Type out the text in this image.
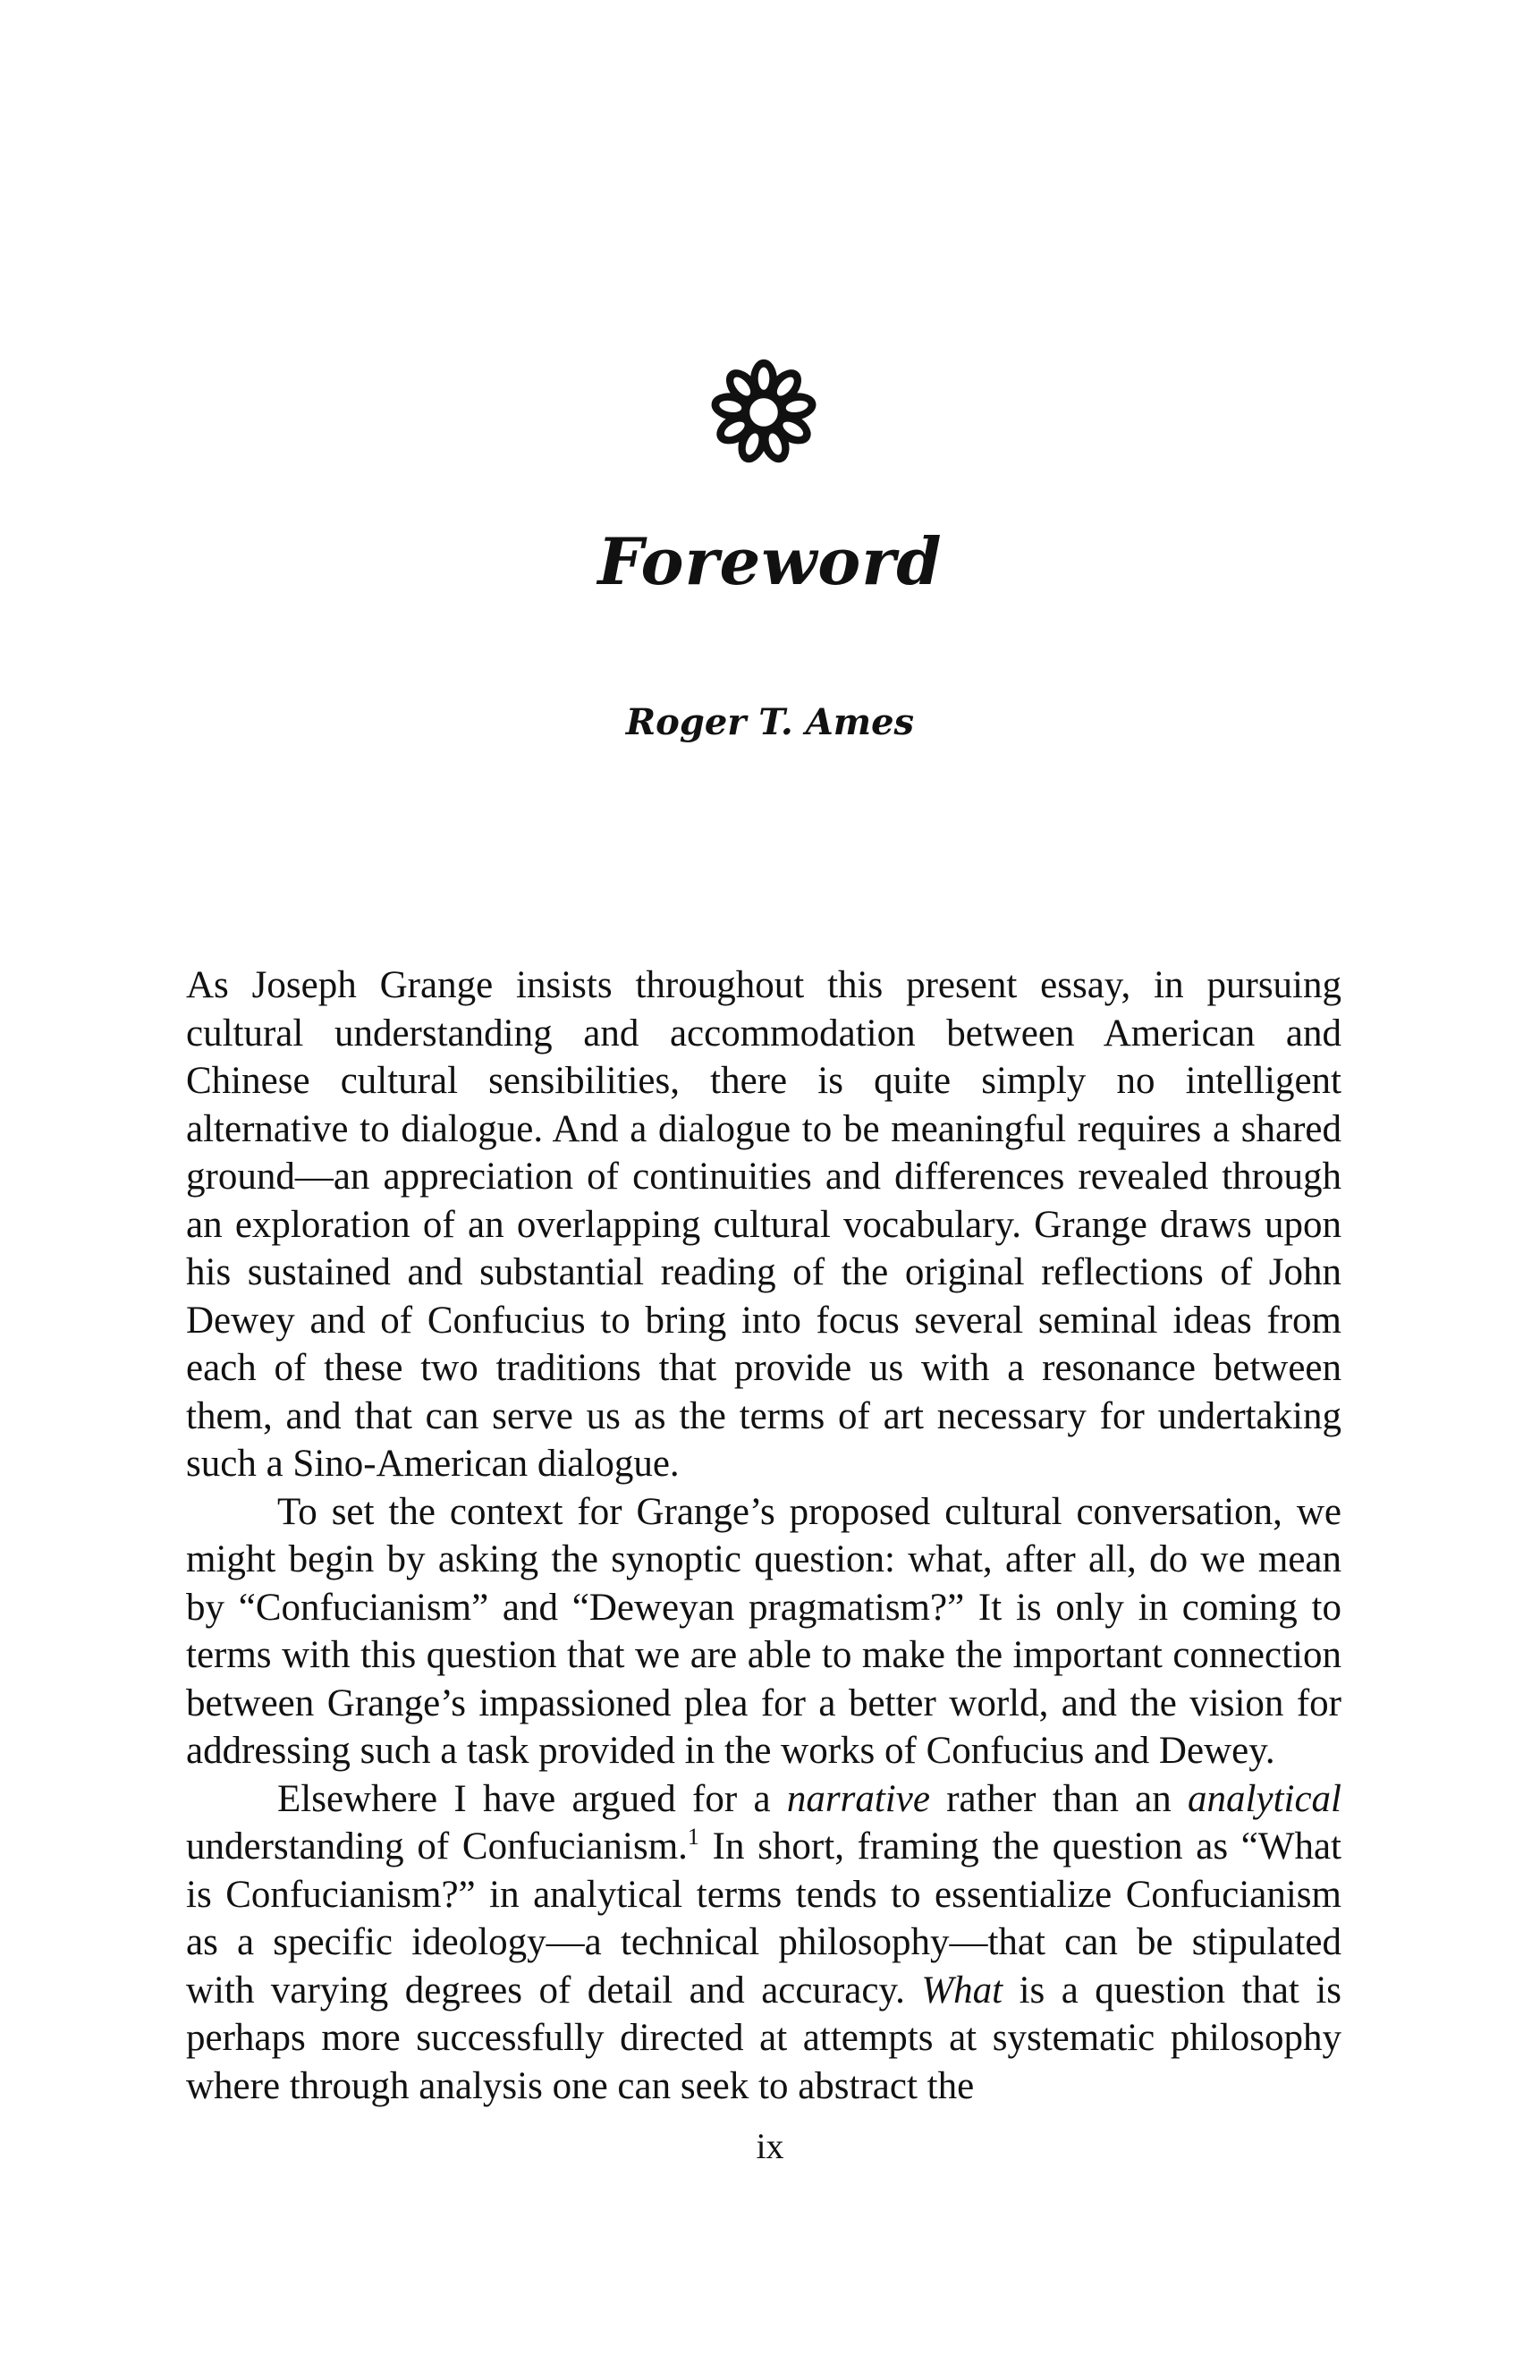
Foreword
Roger T. Ames

As Joseph Grange insists throughout this present essay, in pursuing cultural understanding and accommodation between American and Chinese cultural sensibilities, there is quite simply no intelligent alternative to dialogue. And a dialogue to be meaningful requires a shared ground—an appreciation of continuities and differences revealed through an exploration of an overlapping cultural vocabulary. Grange draws upon his sustained and substantial reading of the original reflections of John Dewey and of Confucius to bring into focus several seminal ideas from each of these two traditions that provide us with a resonance between them, and that can serve us as the terms of art necessary for undertaking such a Sino-American dialogue.

To set the context for Grange’s proposed cultural conversation, we might begin by asking the synoptic question: what, after all, do we mean by “Confucianism” and “Deweyan pragmatism?” It is only in coming to terms with this question that we are able to make the important connection between Grange’s impassioned plea for a better world, and the vision for addressing such a task provided in the works of Confucius and Dewey.

Elsewhere I have argued for a narrative rather than an analytical understanding of Confucianism.$^1$ In short, framing the question as “What is Confucianism?” in analytical terms tends to essentialize Confucianism as a specific ideology—a technical philosophy—that can be stipulated with varying degrees of detail and accuracy. What is a question that is perhaps more successfully directed at attempts at systematic philosophy where through analysis one can seek to abstract the

ix
